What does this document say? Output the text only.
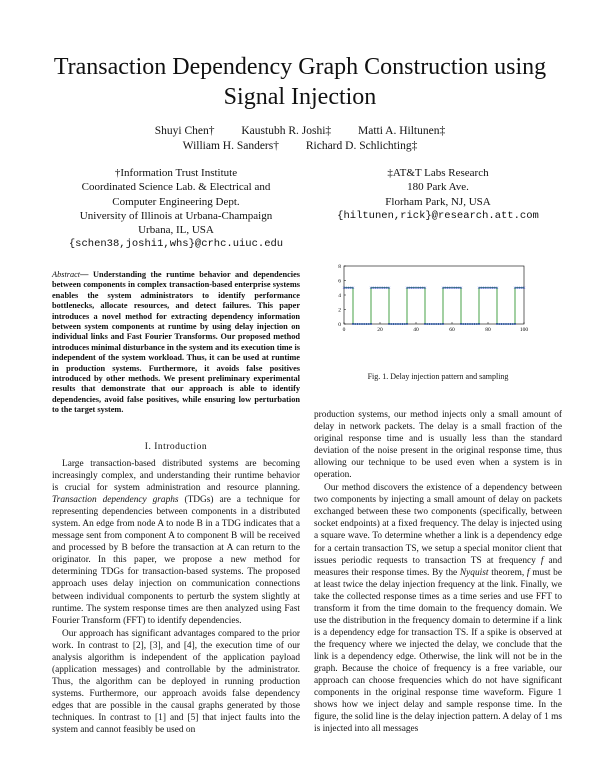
Transaction Dependency Graph Construction using Signal Injection
Shuyi Chen† Kaustubh R. Joshi‡ Matti A. Hiltunen‡
William H. Sanders† Richard D. Schlichting‡
†Information Trust Institute
Coordinated Science Lab. & Electrical and
Computer Engineering Dept.
University of Illinois at Urbana-Champaign
Urbana, IL, USA
{schen38,joshi1,whs}@crhc.uiuc.edu
‡AT&T Labs Research
180 Park Ave.
Florham Park, NJ, USA
{hiltunen,rick}@research.att.com
Abstract— Understanding the runtime behavior and dependencies between components in complex transaction-based enterprise systems enables the system administrators to identify performance bottlenecks, allocate resources, and detect failures. This paper introduces a novel method for extracting dependency information between system components at runtime by using delay injection on individual links and Fast Fourier Transforms. Our proposed method introduces minimal disturbance in the system and its execution time is independent of the system workload. Thus, it can be used at runtime in production systems. Furthermore, it avoids false positives introduced by other methods. We present preliminary experimental results that demonstrate that our approach is able to identify dependencies, avoid false positives, while ensuring low perturbation to the target system.
I. Introduction

Large transaction-based distributed systems are becoming increasingly complex, and understanding their runtime behavior is crucial for system administration and resource planning. Transaction dependency graphs (TDGs) are a technique for representing dependencies between components in a distributed system. An edge from node A to node B in a TDG indicates that a message sent from component A to component B will be received and processed by B before the transaction at A can return to the originator. In this paper, we propose a new method for determining TDGs for transaction-based systems. The proposed approach uses delay injection on communication connections between individual components to perturb the system slightly at runtime. The system response times are then analyzed using Fast Fourier Transform (FFT) to identify dependencies.

Our approach has significant advantages compared to the prior work. In contrast to [2], [3], and [4], the execution time of our analysis algorithm is independent of the application payload (application messages) and controllable by the administrator. Thus, the algorithm can be deployed in running production systems. Furthermore, our approach avoids false dependency edges that are possible in the causal graphs generated by those techniques. In contrast to [1] and [5] that inject faults into the system and cannot feasibly be used on

0	20	40	60	80	100
0
2
4
6
8
Fig. 1. Delay injection pattern and sampling

production systems, our method injects only a small amount of delay in network packets. The delay is a small fraction of the original response time and is usually less than the standard deviation of the noise present in the original response time, thus allowing our technique to be used even when a system is in operation.

Our method discovers the existence of a dependency between two components by injecting a small amount of delay on packets exchanged between these two components (specifically, between socket endpoints) at a fixed frequency. The delay is injected using a square wave. To determine whether a link is a dependency edge for a certain transaction TS, we setup a special monitor client that issues periodic requests to transaction TS at frequency f and measures their response times. By the Nyquist theorem, f must be at least twice the delay injection frequency at the link. Finally, we take the collected response times as a time series and use FFT to transform it from the time domain to the frequency domain. We use the distribution in the frequency domain to determine if a link is a dependency edge for transaction TS. If a spike is observed at the frequency where we injected the delay, we conclude that the link is a dependency edge. Otherwise, the link will not be in the graph. Because the choice of frequency is a free variable, our approach can choose frequencies which do not have significant components in the original response time waveform. Figure 1 shows how we inject delay and sample response time. In the figure, the solid line is the delay injection pattern. A delay of 1 ms is injected into all messages
